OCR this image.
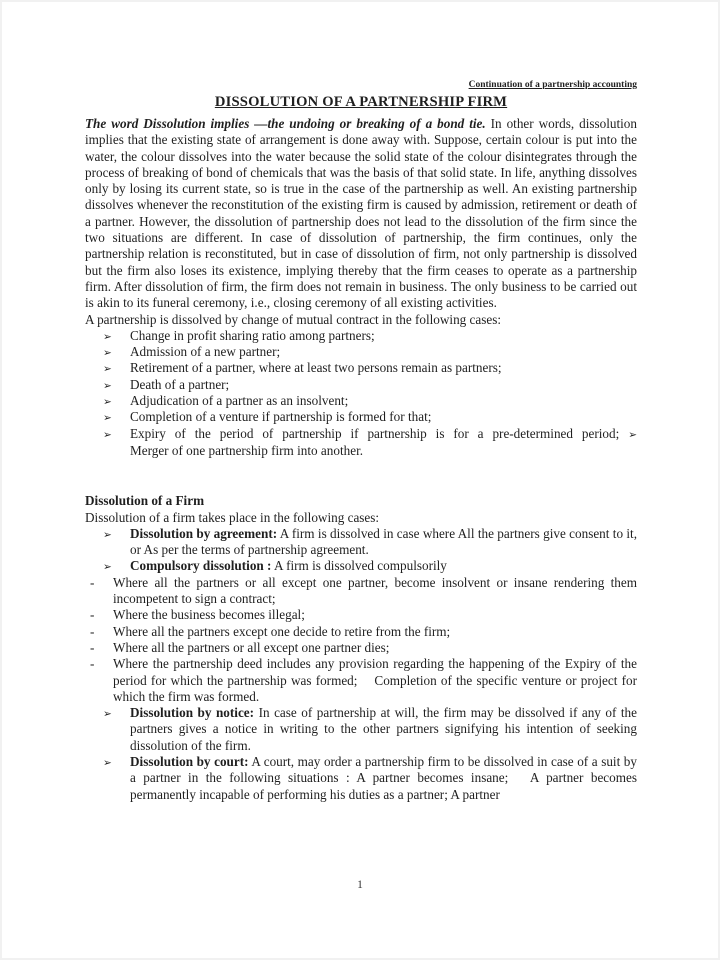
Continuation of a partnership accounting
DISSOLUTION OF A PARTNERSHIP FIRM

The word Dissolution implies —the undoing or breaking of a bond tie. In other words, dissolution implies that the existing state of arrangement is done away with. Suppose, certain colour is put into the water, the colour dissolves into the water because the solid state of the colour disintegrates through the process of breaking of bond of chemicals that was the basis of that solid state. In life, anything dissolves only by losing its current state, so is true in the case of the partnership as well. An existing partnership dissolves whenever the reconstitution of the existing firm is caused by admission, retirement or death of a partner. However, the dissolution of partnership does not lead to the dissolution of the firm since the two situations are different. In case of dissolution of partnership, the firm continues, only the partnership relation is reconstituted, but in case of dissolution of firm, not only partnership is dissolved but the firm also loses its existence, implying thereby that the firm ceases to operate as a partnership firm. After dissolution of firm, the firm does not remain in business. The only business to be carried out is akin to its funeral ceremony, i.e., closing ceremony of all existing activities.

A partnership is dissolved by change of mutual contract in the following cases:

➢ Change in profit sharing ratio among partners;
➢ Admission of a new partner;
➢ Retirement of a partner, where at least two persons remain as partners;
➢ Death of a partner;
➢ Adjudication of a partner as an insolvent;
➢ Completion of a venture if partnership is formed for that;
➢ Expiry of the period of partnership if partnership is for a pre-determined period; ➢
Merger of one partnership firm into another.
Dissolution of a Firm

Dissolution of a firm takes place in the following cases:

➢ Dissolution by agreement: A firm is dissolved in case where All the partners give consent to it, or As per the terms of partnership agreement.
➢ Compulsory dissolution : A firm is dissolved compulsorily
- Where all the partners or all except one partner, become insolvent or insane rendering them incompetent to sign a contract;
- Where the business becomes illegal;
- Where all the partners except one decide to retire from the firm;
- Where all the partners or all except one partner dies;
- Where the partnership deed includes any provision regarding the happening of the Expiry of the period for which the partnership was formed;    Completion of the specific venture or project for which the firm was formed.
➢ Dissolution by notice: In case of partnership at will, the firm may be dissolved if any of the partners gives a notice in writing to the other partners signifying his intention of seeking dissolution of the firm.
➢ Dissolution by court: A court, may order a partnership firm to be dissolved in case of a suit by a partner in the following situations : A partner becomes insane;   A partner becomes permanently incapable of performing his duties as a partner; A partner
1
